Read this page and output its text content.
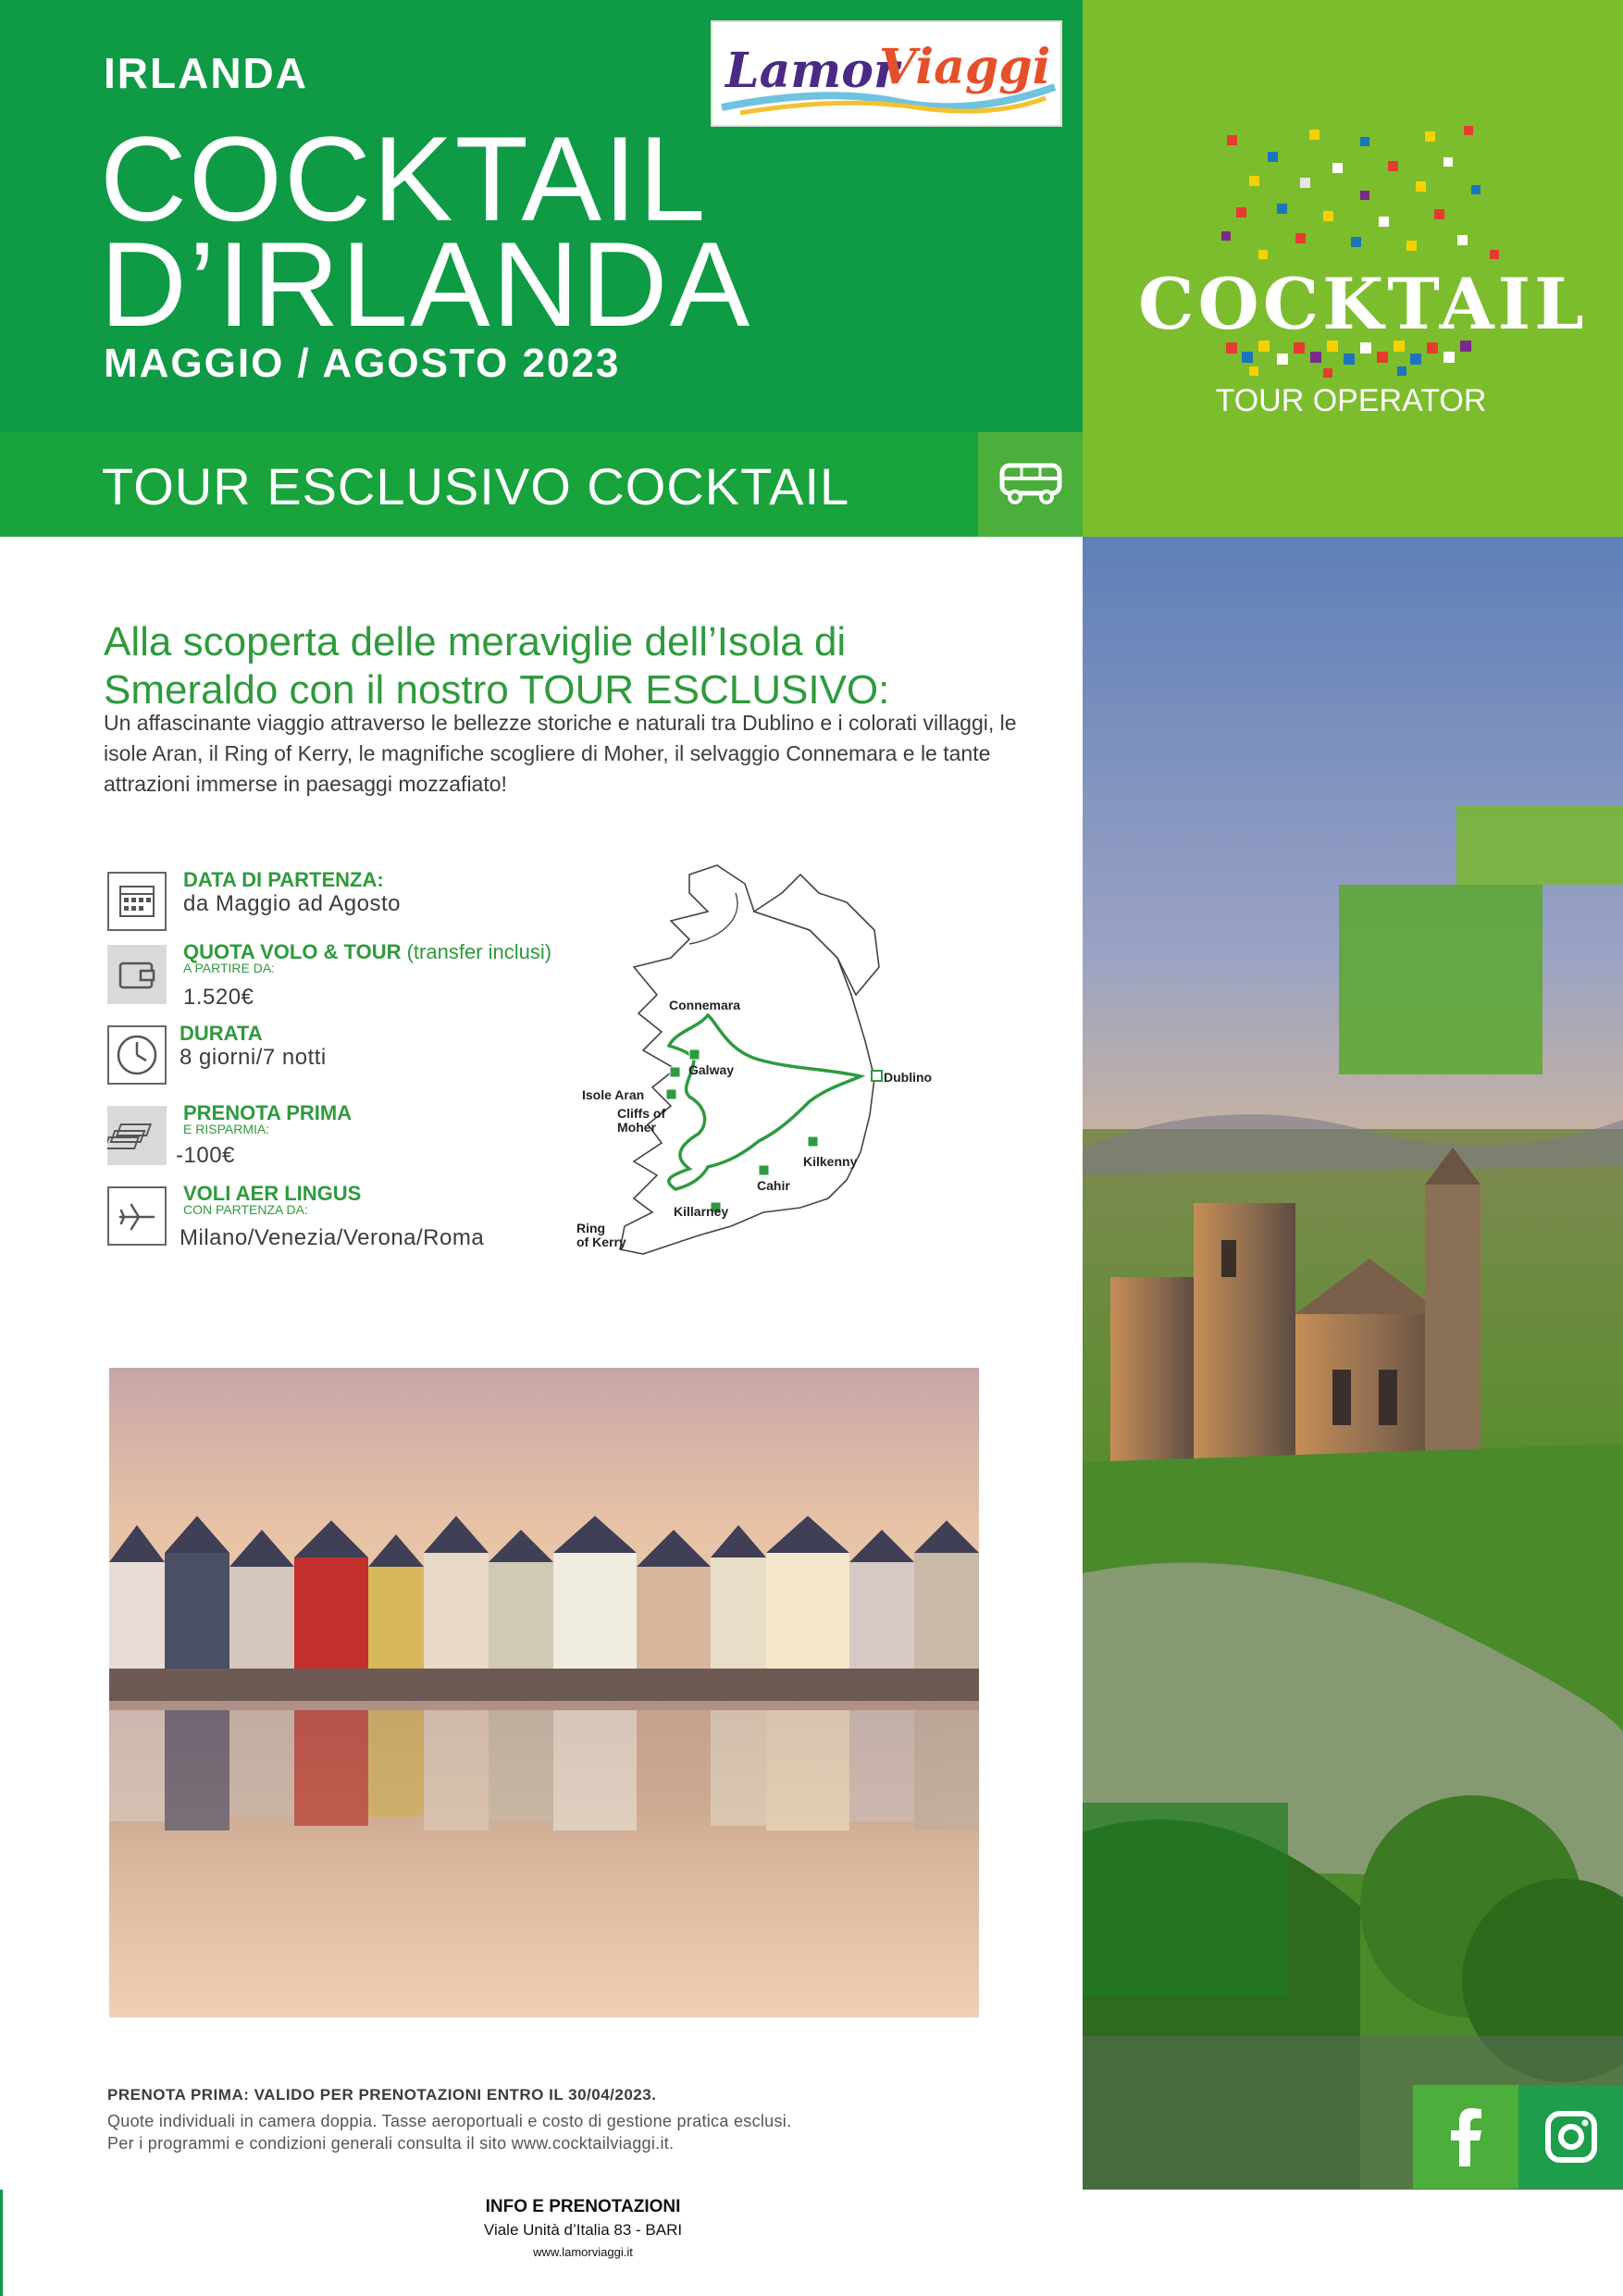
IRLANDA
COCKTAIL
D’IRLANDA
MAGGIO / AGOSTO 2023
TOUR ESCLUSIVO COCKTAIL
Lamor
Viaggi
COCKTAIL
TOUR OPERATOR
Alla scoperta delle meraviglie dell’Isola di Smeraldo con il nostro TOUR ESCLUSIVO:
Un affascinante viaggio attraverso le bellezze storiche e naturali tra Dublino e i colorati villaggi, le isole Aran, il Ring of Kerry, le magnifiche scogliere di Moher, il selvaggio Connemara e le tante attrazioni immerse in paesaggi mozzafiato!
DATA DI PARTENZA:
da Maggio ad Agosto
QUOTA VOLO & TOUR (transfer inclusi)
A PARTIRE DA:
1.520€
DURATA
8 giorni/7 notti
PRENOTA PRIMA
E RISPARMIA:
-100€
VOLI AER LINGUS
CON PARTENZA DA:
Milano/Venezia/Verona/Roma
Connemara
Galway
Isole Aran
Cliffs of
Moher
Dublino
Kilkenny
Cahir
Killarney
Ring
of Kerry
PRENOTA PRIMA: VALIDO PER PRENOTAZIONI ENTRO IL 30/04/2023.
Quote individuali in camera doppia. Tasse aeroportuali e costo di gestione pratica esclusi.
Per i programmi e condizioni generali consulta il sito www.cocktailviaggi.it.
INFO E PRENOTAZIONI
Viale Unità d’Italia 83 - BARI
www.lamorviaggi.it
